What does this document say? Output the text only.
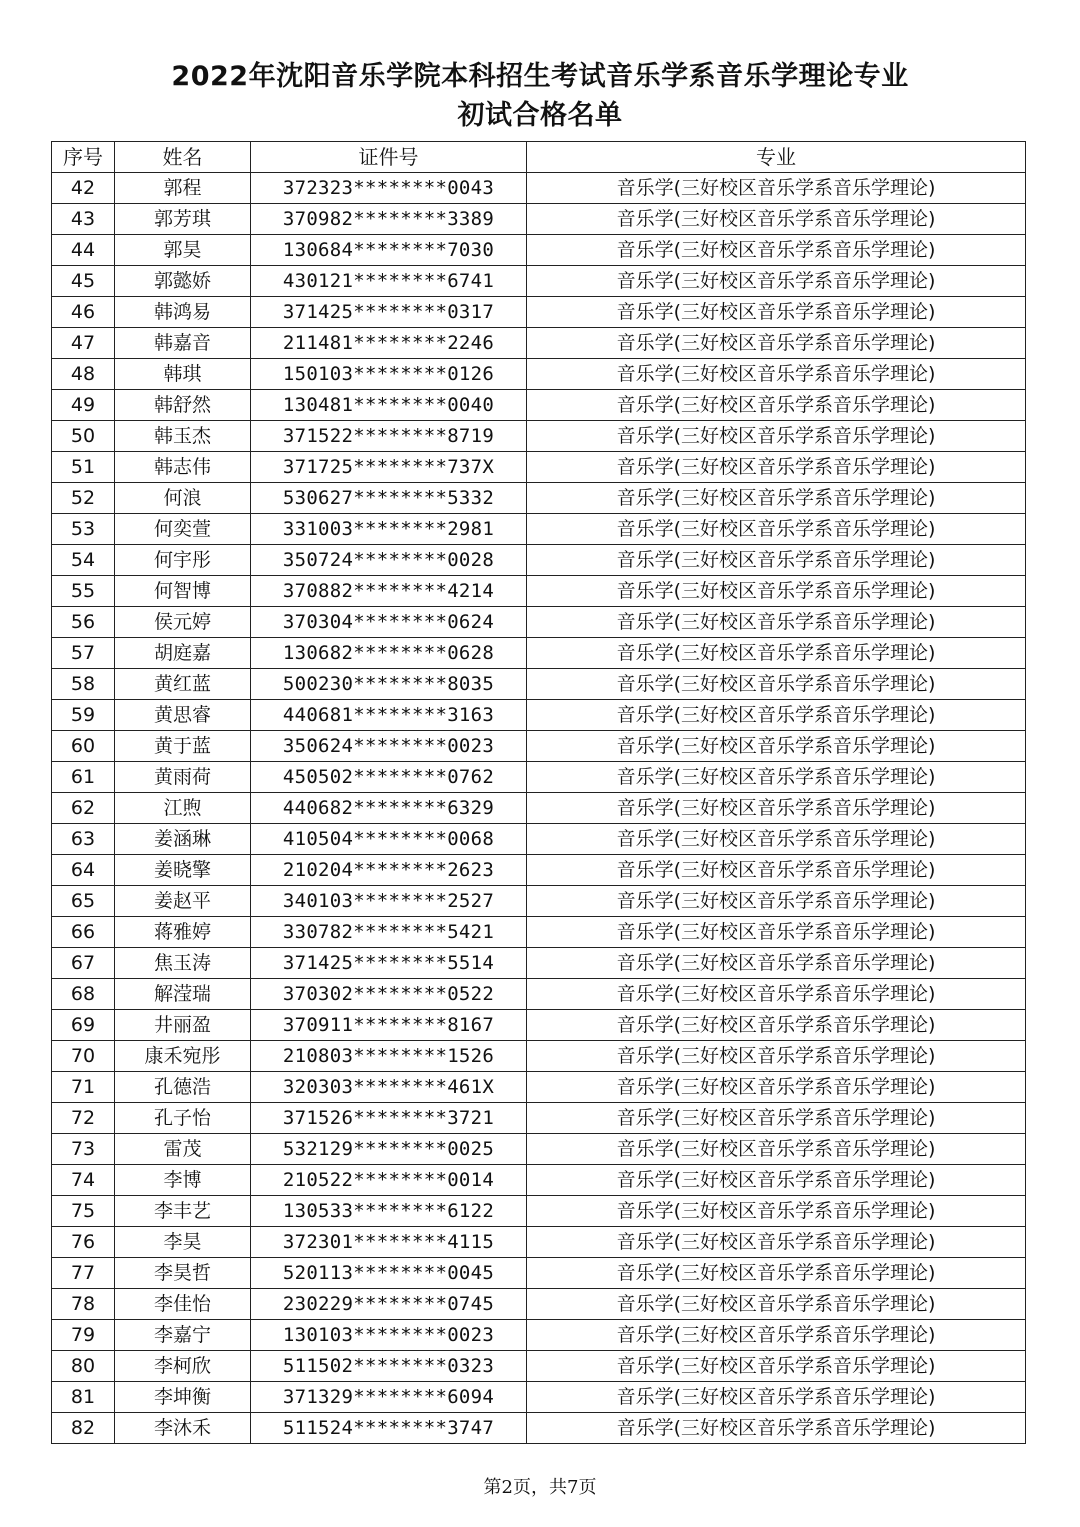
2022年沈阳音乐学院本科招生考试音乐学系音乐学理论专业
初试合格名单
序号	姓名	证件号	专业
42	郭程	372323********0043	音乐学(三好校区音乐学系音乐学理论)
43	郭芳琪	370982********3389	音乐学(三好校区音乐学系音乐学理论)
44	郭昊	130684********7030	音乐学(三好校区音乐学系音乐学理论)
45	郭懿娇	430121********6741	音乐学(三好校区音乐学系音乐学理论)
46	韩鸿易	371425********0317	音乐学(三好校区音乐学系音乐学理论)
47	韩嘉音	211481********2246	音乐学(三好校区音乐学系音乐学理论)
48	韩琪	150103********0126	音乐学(三好校区音乐学系音乐学理论)
49	韩舒然	130481********0040	音乐学(三好校区音乐学系音乐学理论)
50	韩玉杰	371522********8719	音乐学(三好校区音乐学系音乐学理论)
51	韩志伟	371725********737X	音乐学(三好校区音乐学系音乐学理论)
52	何浪	530627********5332	音乐学(三好校区音乐学系音乐学理论)
53	何奕萱	331003********2981	音乐学(三好校区音乐学系音乐学理论)
54	何宇彤	350724********0028	音乐学(三好校区音乐学系音乐学理论)
55	何智博	370882********4214	音乐学(三好校区音乐学系音乐学理论)
56	侯元婷	370304********0624	音乐学(三好校区音乐学系音乐学理论)
57	胡庭嘉	130682********0628	音乐学(三好校区音乐学系音乐学理论)
58	黄红蓝	500230********8035	音乐学(三好校区音乐学系音乐学理论)
59	黄思睿	440681********3163	音乐学(三好校区音乐学系音乐学理论)
60	黄于蓝	350624********0023	音乐学(三好校区音乐学系音乐学理论)
61	黄雨荷	450502********0762	音乐学(三好校区音乐学系音乐学理论)
62	江煦	440682********6329	音乐学(三好校区音乐学系音乐学理论)
63	姜涵琳	410504********0068	音乐学(三好校区音乐学系音乐学理论)
64	姜晓擎	210204********2623	音乐学(三好校区音乐学系音乐学理论)
65	姜赵平	340103********2527	音乐学(三好校区音乐学系音乐学理论)
66	蒋雅婷	330782********5421	音乐学(三好校区音乐学系音乐学理论)
67	焦玉涛	371425********5514	音乐学(三好校区音乐学系音乐学理论)
68	解滢瑞	370302********0522	音乐学(三好校区音乐学系音乐学理论)
69	井丽盈	370911********8167	音乐学(三好校区音乐学系音乐学理论)
70	康禾宛彤	210803********1526	音乐学(三好校区音乐学系音乐学理论)
71	孔德浩	320303********461X	音乐学(三好校区音乐学系音乐学理论)
72	孔子怡	371526********3721	音乐学(三好校区音乐学系音乐学理论)
73	雷茂	532129********0025	音乐学(三好校区音乐学系音乐学理论)
74	李博	210522********0014	音乐学(三好校区音乐学系音乐学理论)
75	李丰艺	130533********6122	音乐学(三好校区音乐学系音乐学理论)
76	李昊	372301********4115	音乐学(三好校区音乐学系音乐学理论)
77	李昊哲	520113********0045	音乐学(三好校区音乐学系音乐学理论)
78	李佳怡	230229********0745	音乐学(三好校区音乐学系音乐学理论)
79	李嘉宁	130103********0023	音乐学(三好校区音乐学系音乐学理论)
80	李柯欣	511502********0323	音乐学(三好校区音乐学系音乐学理论)
81	李坤衡	371329********6094	音乐学(三好校区音乐学系音乐学理论)
82	李沐禾	511524********3747	音乐学(三好校区音乐学系音乐学理论)
第2页，共7页
